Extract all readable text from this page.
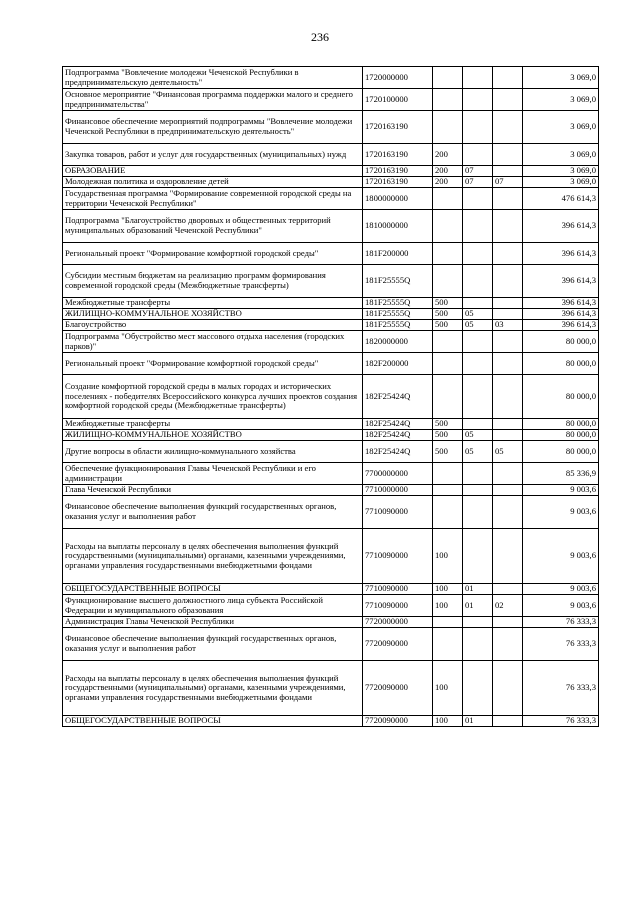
236
Подпрограмма "Вовлечение молодежи Чеченской Республики в предпринимательскую деятельность"	1720000000				3 069,0
Основное мероприятие "Финансовая программа поддержки малого и среднего предпринимательства"	1720100000				3 069,0
Финансовое обеспечение мероприятий подпрограммы "Вовлечение молодежи Чеченской Республики в предпринимательскую деятельность"	1720163190				3 069,0
Закупка товаров, работ и услуг для государственных (муниципальных) нужд	1720163190	200			3 069,0
ОБРАЗОВАНИЕ	1720163190	200	07		3 069,0
Молодежная политика и оздоровление детей	1720163190	200	07	07	3 069,0
Государственная программа "Формирование современной городской среды на территории Чеченской Республики"	1800000000				476 614,3
Подпрограмма "Благоустройство дворовых и общественных территорий муниципальных образований Чеченской Республики"	1810000000				396 614,3
Региональный проект "Формирование комфортной городской среды"	181F200000				396 614,3
Субсидии местным бюджетам на реализацию программ формирования современной городской среды (Межбюджетные трансферты)	181F25555Q				396 614,3
Межбюджетные трансферты	181F25555Q	500			396 614,3
ЖИЛИЩНО-КОММУНАЛЬНОЕ ХОЗЯЙСТВО	181F25555Q	500	05		396 614,3
Благоустройство	181F25555Q	500	05	03	396 614,3
Подпрограмма "Обустройство мест массового отдыха населения (городских парков)"	1820000000				80 000,0
Региональный проект "Формирование комфортной городской среды"	182F200000				80 000,0
Создание комфортной городской среды в малых городах и исторических поселениях - победителях Всероссийского конкурса лучших проектов создания комфортной городской среды (Межбюджетные трансферты)	182F25424Q				80 000,0
Межбюджетные трансферты	182F25424Q	500			80 000,0
ЖИЛИЩНО-КОММУНАЛЬНОЕ ХОЗЯЙСТВО	182F25424Q	500	05		80 000,0
Другие вопросы в области жилищно-коммунального хозяйства	182F25424Q	500	05	05	80 000,0
Обеспечение функционирования Главы Чеченской Республики и его администрации	7700000000				85 336,9
Глава Чеченской Республики	7710000000				9 003,6
Финансовое обеспечение выполнения функций государственных органов, оказания услуг и выполнения работ	7710090000				9 003,6
Расходы на выплаты персоналу в целях обеспечения выполнения функций государственными (муниципальными) органами, казенными учреждениями, органами управления государственными внебюджетными фондами	7710090000	100			9 003,6
ОБЩЕГОСУДАРСТВЕННЫЕ ВОПРОСЫ	7710090000	100	01		9 003,6
Функционирование высшего должностного лица субъекта Российской Федерации и муниципального образования	7710090000	100	01	02	9 003,6
Администрация Главы Чеченской Республики	7720000000				76 333,3
Финансовое обеспечение выполнения функций государственных органов, оказания услуг и выполнения работ	7720090000				76 333,3
Расходы на выплаты персоналу в целях обеспечения выполнения функций государственными (муниципальными) органами, казенными учреждениями, органами управления государственными внебюджетными фондами	7720090000	100			76 333,3
ОБЩЕГОСУДАРСТВЕННЫЕ ВОПРОСЫ	7720090000	100	01		76 333,3
